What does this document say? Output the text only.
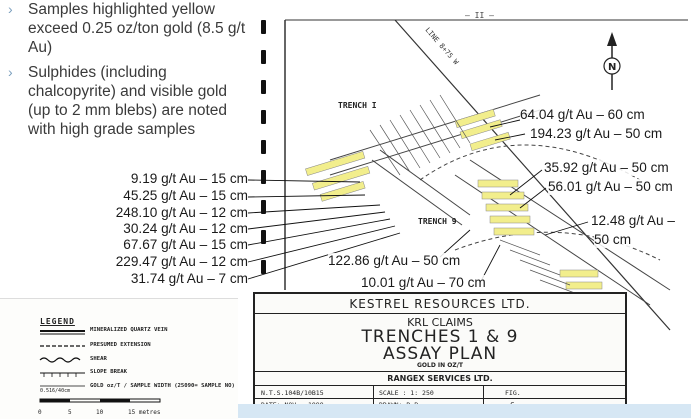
› Samples highlighted yellow exceed 0.25 oz/ton gold (8.5 g/t Au)
› Sulphides (including chalcopyrite) and visible gold (up to 2 mm blebs) are noted with high grade samples
— II —
LINE 8+75 W
TRENCH I
TRENCH 9
N
9.19 g/t Au – 15 cm
45.25 g/t Au – 15 cm
248.10 g/t Au – 12 cm
30.24 g/t Au – 12 cm
67.67 g/t Au – 15 cm
229.47 g/t Au – 12 cm
31.74 g/t Au – 7 cm
64.04 g/t Au – 60 cm
194.23 g/t Au – 50 cm
35.92 g/t Au – 50 cm
56.01 g/t Au – 50 cm
12.48 g/t Au –
50 cm
122.86 g/t Au – 50 cm
10.01 g/t Au – 70 cm
LEGEND
MINERALIZED QUARTZ VEIN
PRESUMED EXTENSION
SHEAR
SLOPE BREAK
GOLD oz/T / SAMPLE WIDTH (25090= SAMPLE NO)
0.516/40cm
0	5	10	15 metres
KESTREL RESOURCES LTD.
KRL CLAIMS
TRENCHES 1 & 9
ASSAY PLAN
GOLD IN OZ/T
RANGEX SERVICES LTD.
N.T.S.104B/10B15	SCALE : 1: 250	FIG.
